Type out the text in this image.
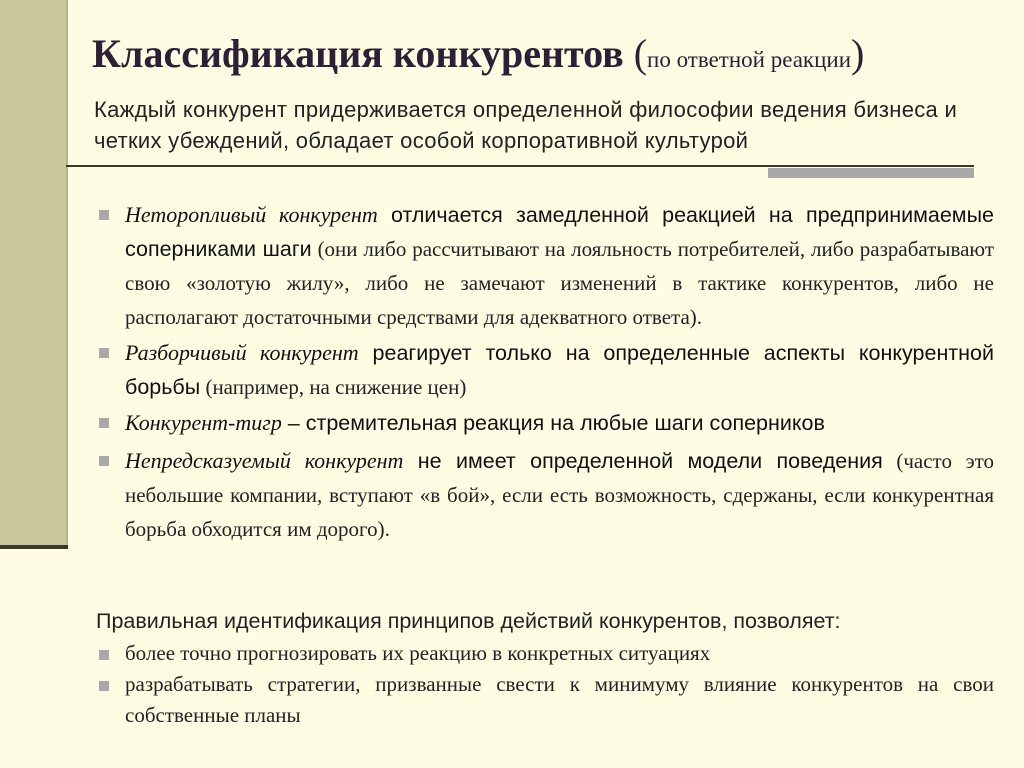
Классификация конкурентов (по ответной реакции)
Каждый конкурент придерживается определенной философии ведения бизнеса и четких убеждений, обладает особой корпоративной культурой
Неторопливый конкурент отличается замедленной реакцией на предпринимаемые соперниками шаги (они либо рассчитывают на лояльность потребителей, либо разрабатывают свою «золотую жилу», либо не замечают изменений в тактике конкурентов, либо не располагают достаточными средствами для адекватного ответа).
Разборчивый конкурент реагирует только на определенные аспекты конкурентной борьбы (например, на снижение цен)
Конкурент-тигр – стремительная реакция на любые шаги соперников
Непредсказуемый конкурент не имеет определенной модели поведения (часто это небольшие компании, вступают «в бой», если есть возможность, сдержаны, если конкурентная борьба обходится им дорого).
Правильная идентификация принципов действий конкурентов, позволяет:
более точно прогнозировать их реакцию в конкретных ситуациях
разрабатывать стратегии, призванные свести к минимуму влияние конкурентов на свои собственные планы
